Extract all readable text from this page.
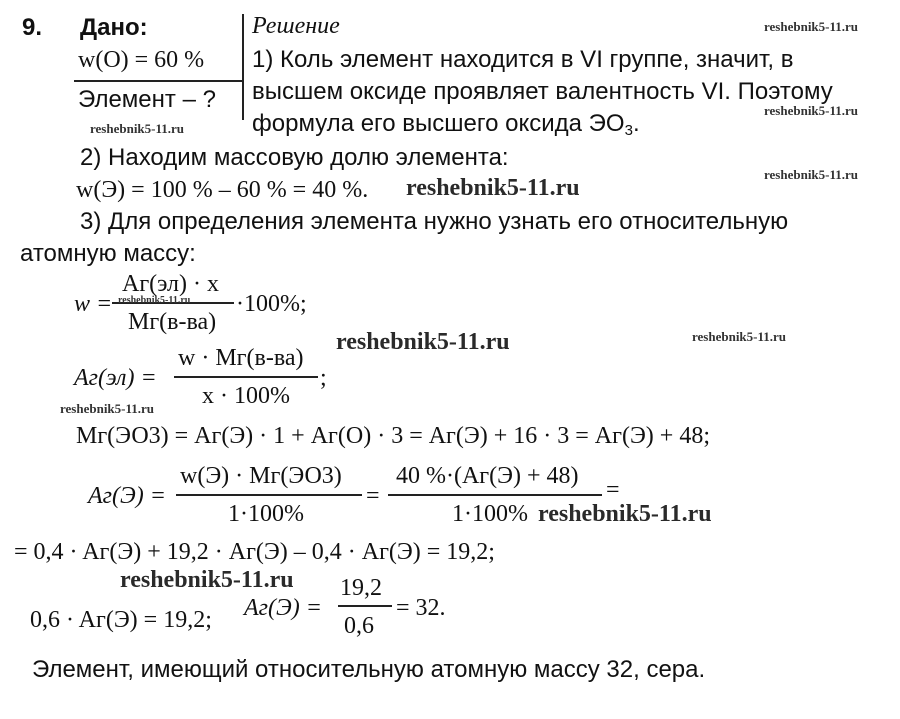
9. Дано:
w(O) = 60 %
Элемент – ?
Решение
1) Коль элемент находится в VI группе, значит, в
высшем оксиде проявляет валентность VI. Поэтому
формула его высшего оксида $ЭО_3$.
2) Находим массовую долю элемента:
w(Э) = 100 % – 60 % = 40 %.
3) Для определения элемента нужно узнать его относительную
атомную массу:
w =
Aг(эл) · x
Mг(в-ва)
·100%;
Aг(эл) =
w · Mг(в-ва)
x · 100%
;
Mг(ЭО3) = Aг(Э) · 1 + Aг(О) · 3 = Aг(Э) + 16 · 3 = Aг(Э) + 48;
Aг(Э) =
w(Э) · Mг(ЭО3)
1·100%
=
40 %·(Aг(Э) + 48)
1·100%
=
= 0,4 · Aг(Э) + 19,2 · Aг(Э) – 0,4 · Aг(Э) = 19,2;
0,6 · Aг(Э) = 19,2; Aг(Э) =
19,2
0,6
= 32.
Элемент, имеющий относительную атомную массу 32, сера.
reshebnik5-11.ru
reshebnik5-11.ru
reshebnik5-11.ru
reshebnik5-11.ru
reshebnik5-11.ru
reshebnik5-11.ru
reshebnik5-11.ru	reshebnik5-11.ru
reshebnik5-11.ru
reshebnik5-11.ru
reshebnik5-11.ru
